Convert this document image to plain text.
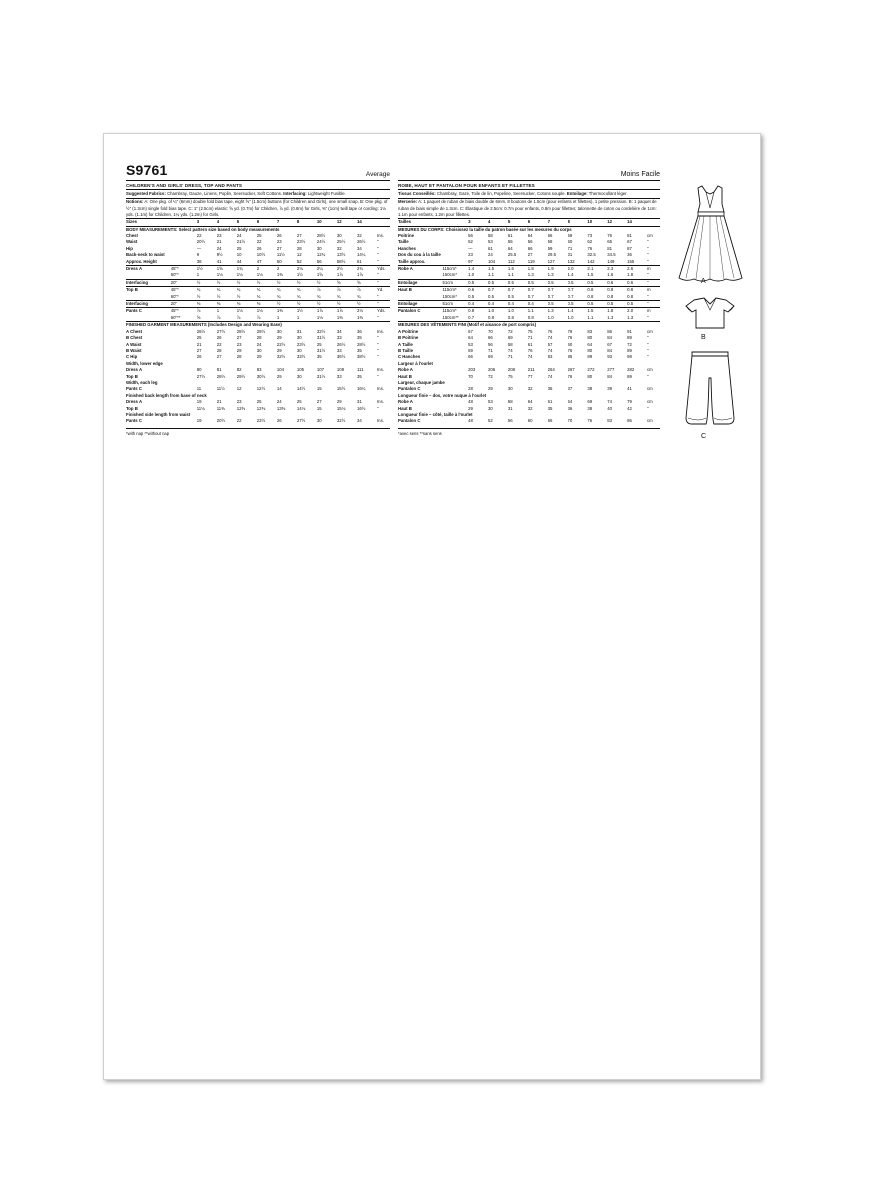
S9761	Average
CHILDREN'S AND GIRLS' DRESS, TOP AND PANTS
Suggested Fabrics: Chambray, Gauze, Linens, Poplin, Seersucker, Soft Cottons. Interfacing: Lightweight Fusible.
Notions: A: One pkg. of ¼" (6mm) double fold bias tape, eight ⅝" (1.5cm) buttons (for Children and Girls), one small snap. B: One pkg. of ½" (1.3cm) single fold bias tape. C: 1" (2.5cm) elastic: ⅝ yd. (0.7m) for Children, ⅞ yd. (0.8m) for Girls, ⅜" (1cm) twill tape or cording: 1⅛ yds. (1.1m) for Children, 1¼ yds. (1.2m) for Girls.
Sizes		3	4	5	6	7	8	10	12	14	
BODY MEASUREMENTS: Select pattern size based on body measurements											
Chest		22	23	24	25	26	27	28½	30	32	Ins.
Waist		20½	21	21½	22	23	23½	24½	25½	26½	"
Hip		—	24	25	26	27	28	30	32	34	"
Back-neck to waist		9	9½	10	10½	11½	12	12¾	13½	14¼	"
Approx. Height		38	41	44	47	50	52	56	58½	61	"
Dress A	45"*	1½	1⅝	1¾	2	2	2⅛	2¼	2½	2¾	Yds.
	60"*	1	1⅛	1⅛	1⅛	1⅜	1½	1⅝	1⅞	1⅞	"
Interfacing	20"	½	½	½	½	½	½	½	⅝	⅝	"
Top B	45"*	¾	¾	¾	¾	¾	¾	⅞	⅞	⅞	Yd.
	60"*	½	½	½	¾	¾	¾	¾	¾	¾	"
Interfacing	20"	⅜	⅜	⅜	⅜	½	½	½	½	½	"
Pants C	45"*	⅞	1	1⅛	1⅛	1⅜	1½	1⅞	1⅞	2⅛	Yds.
	60"**	⅝	⅞	⅞	⅞	1	1	1⅛	1⅜	1⅜	"
FINISHED GARMENT MEASUREMENTS (Includes Design and Wearing Ease)											
A Chest		26½	27½	28½	29½	30	31	32½	34	36	Ins.
B Chest		25	26	27	28	29	30	31½	33	35	"
A Waist		21	22	23	24	22½	23½	25	26½	28½	"
B Waist		27	28	29	30	29	30	31½	33	35	"
C Hip		26	27	28	29	32½	33½	35	36½	38½	"
Width, lower edge											
Dress A		80	81	82	83	104	105	107	109	111	Ins.
Top B		27½	28½	29½	30½	29	30	31½	33	35	"
Width, each leg											
Pants C		11	11½	12	12½	14	14½	15	15½	16¼	Ins.
Finished back length from base of neck											
Dress A		19	21	23	25	24	25	27	29	31	Ins.
Top B		11⅛	11⅜	12⅜	12⅜	13⅜	14⅛	15	15⅛	16½	"
Finished side length from waist											
Pants C		19	20½	22	23½	26	27½	30	32½	34	Ins.
*with nap **without nap
Moins Facile
ROBE, HAUT ET PANTALON POUR ENFANTS ET FILLETTES
Tissus Conseillés: Chambray, Gaze, Toile de lin, Popeline, Seersucker, Cotons souple. Entoilage: Thermocollant léger.
Mercerie: A: 1 paquet de ruban de biais double de 6mm, 8 boutons de 1.5cm (pour enfants et fillettes), 1 petite pression. B: 1 paquet de ruban de biais simple de 1.3cm. C: Élastique de 2.5cm: 0.7m pour enfants, 0.8m pour fillettes; talonnette de coton ou cordelière de 1cm: 1.1m pour enfants, 1.2m pour fillettes.
Tailles		3	4	5	6	7	8	10	12	14	
MESURES DU CORPS: Choisissez la taille du patron basée sur les mesures du corps											
Poitrine		56	58	61	64	66	69	73	76	81	cm
Taille		52	53	55	56	58	60	62	65	67	"
Hanches		—	61	64	66	69	71	76	81	87	"
Dos du cou à la taille		23	24	25.5	27	29.5	31	32.5	34.5	36	"
Taille approx.		97	104	112	119	127	132	142	149	155	"
Robe A	115cm*	1.4	1.5	1.6	1.8	1.9	2.0	2.1	2.3	2.6	m
	150cm*	1.0	1.1	1.1	1.3	1.3	1.4	1.5	1.6	1.8	"
Entoilage	51cm	0.5	0.5	0.5	0.5	0.5	0.5	0.5	0.6	0.6	"
Haut B	115cm*	0.6	0.7	0.7	0.7	0.7	0.7	0.8	0.8	0.8	m
	150cm*	0.5	0.5	0.5	0.7	0.7	0.7	0.8	0.8	0.8	"
Entoilage	51cm	0.4	0.4	0.4	0.4	0.5	0.5	0.5	0.5	0.5	"
Pantalon C	115cm*	0.8	1.0	1.0	1.1	1.3	1.4	1.5	1.8	2.0	m
	150cm**	0.7	0.8	0.8	0.8	1.0	1.0	1.1	1.3	1.3	"
MESURES DES VÊTEMENTS FINI (Motif et aisance de port compris)											
A Poitrine		67	70	72	75	76	79	83	86	91	cm
B Poitrine		64	66	69	71	74	76	80	84	89	"
A Taille		53	56	58	61	57	60	64	67	72	"
B Taille		69	71	74	76	74	76	80	84	89	"
C Hanches		66	69	71	74	83	85	89	93	98	"
Largeur à l'ourlet											
Robe A		203	206	208	211	264	267	272	277	282	cm
Haut B		70	72	75	77	74	76	80	84	89	"
Largeur, chaque jambe											
Pantalon C		28	29	30	32	36	37	38	39	41	cm
Longueur finie – dos, votre nuque à l'ourlet											
Robe A		48	53	58	64	61	64	69	74	79	cm
Haut B		29	30	31	32	35	36	38	40	42	"
Longueur finie – côté, taille à l'ourlet											
Pantalon C		48	52	56	60	66	70	76	83	86	cm
*avec sens **sans sens
A
B
C
